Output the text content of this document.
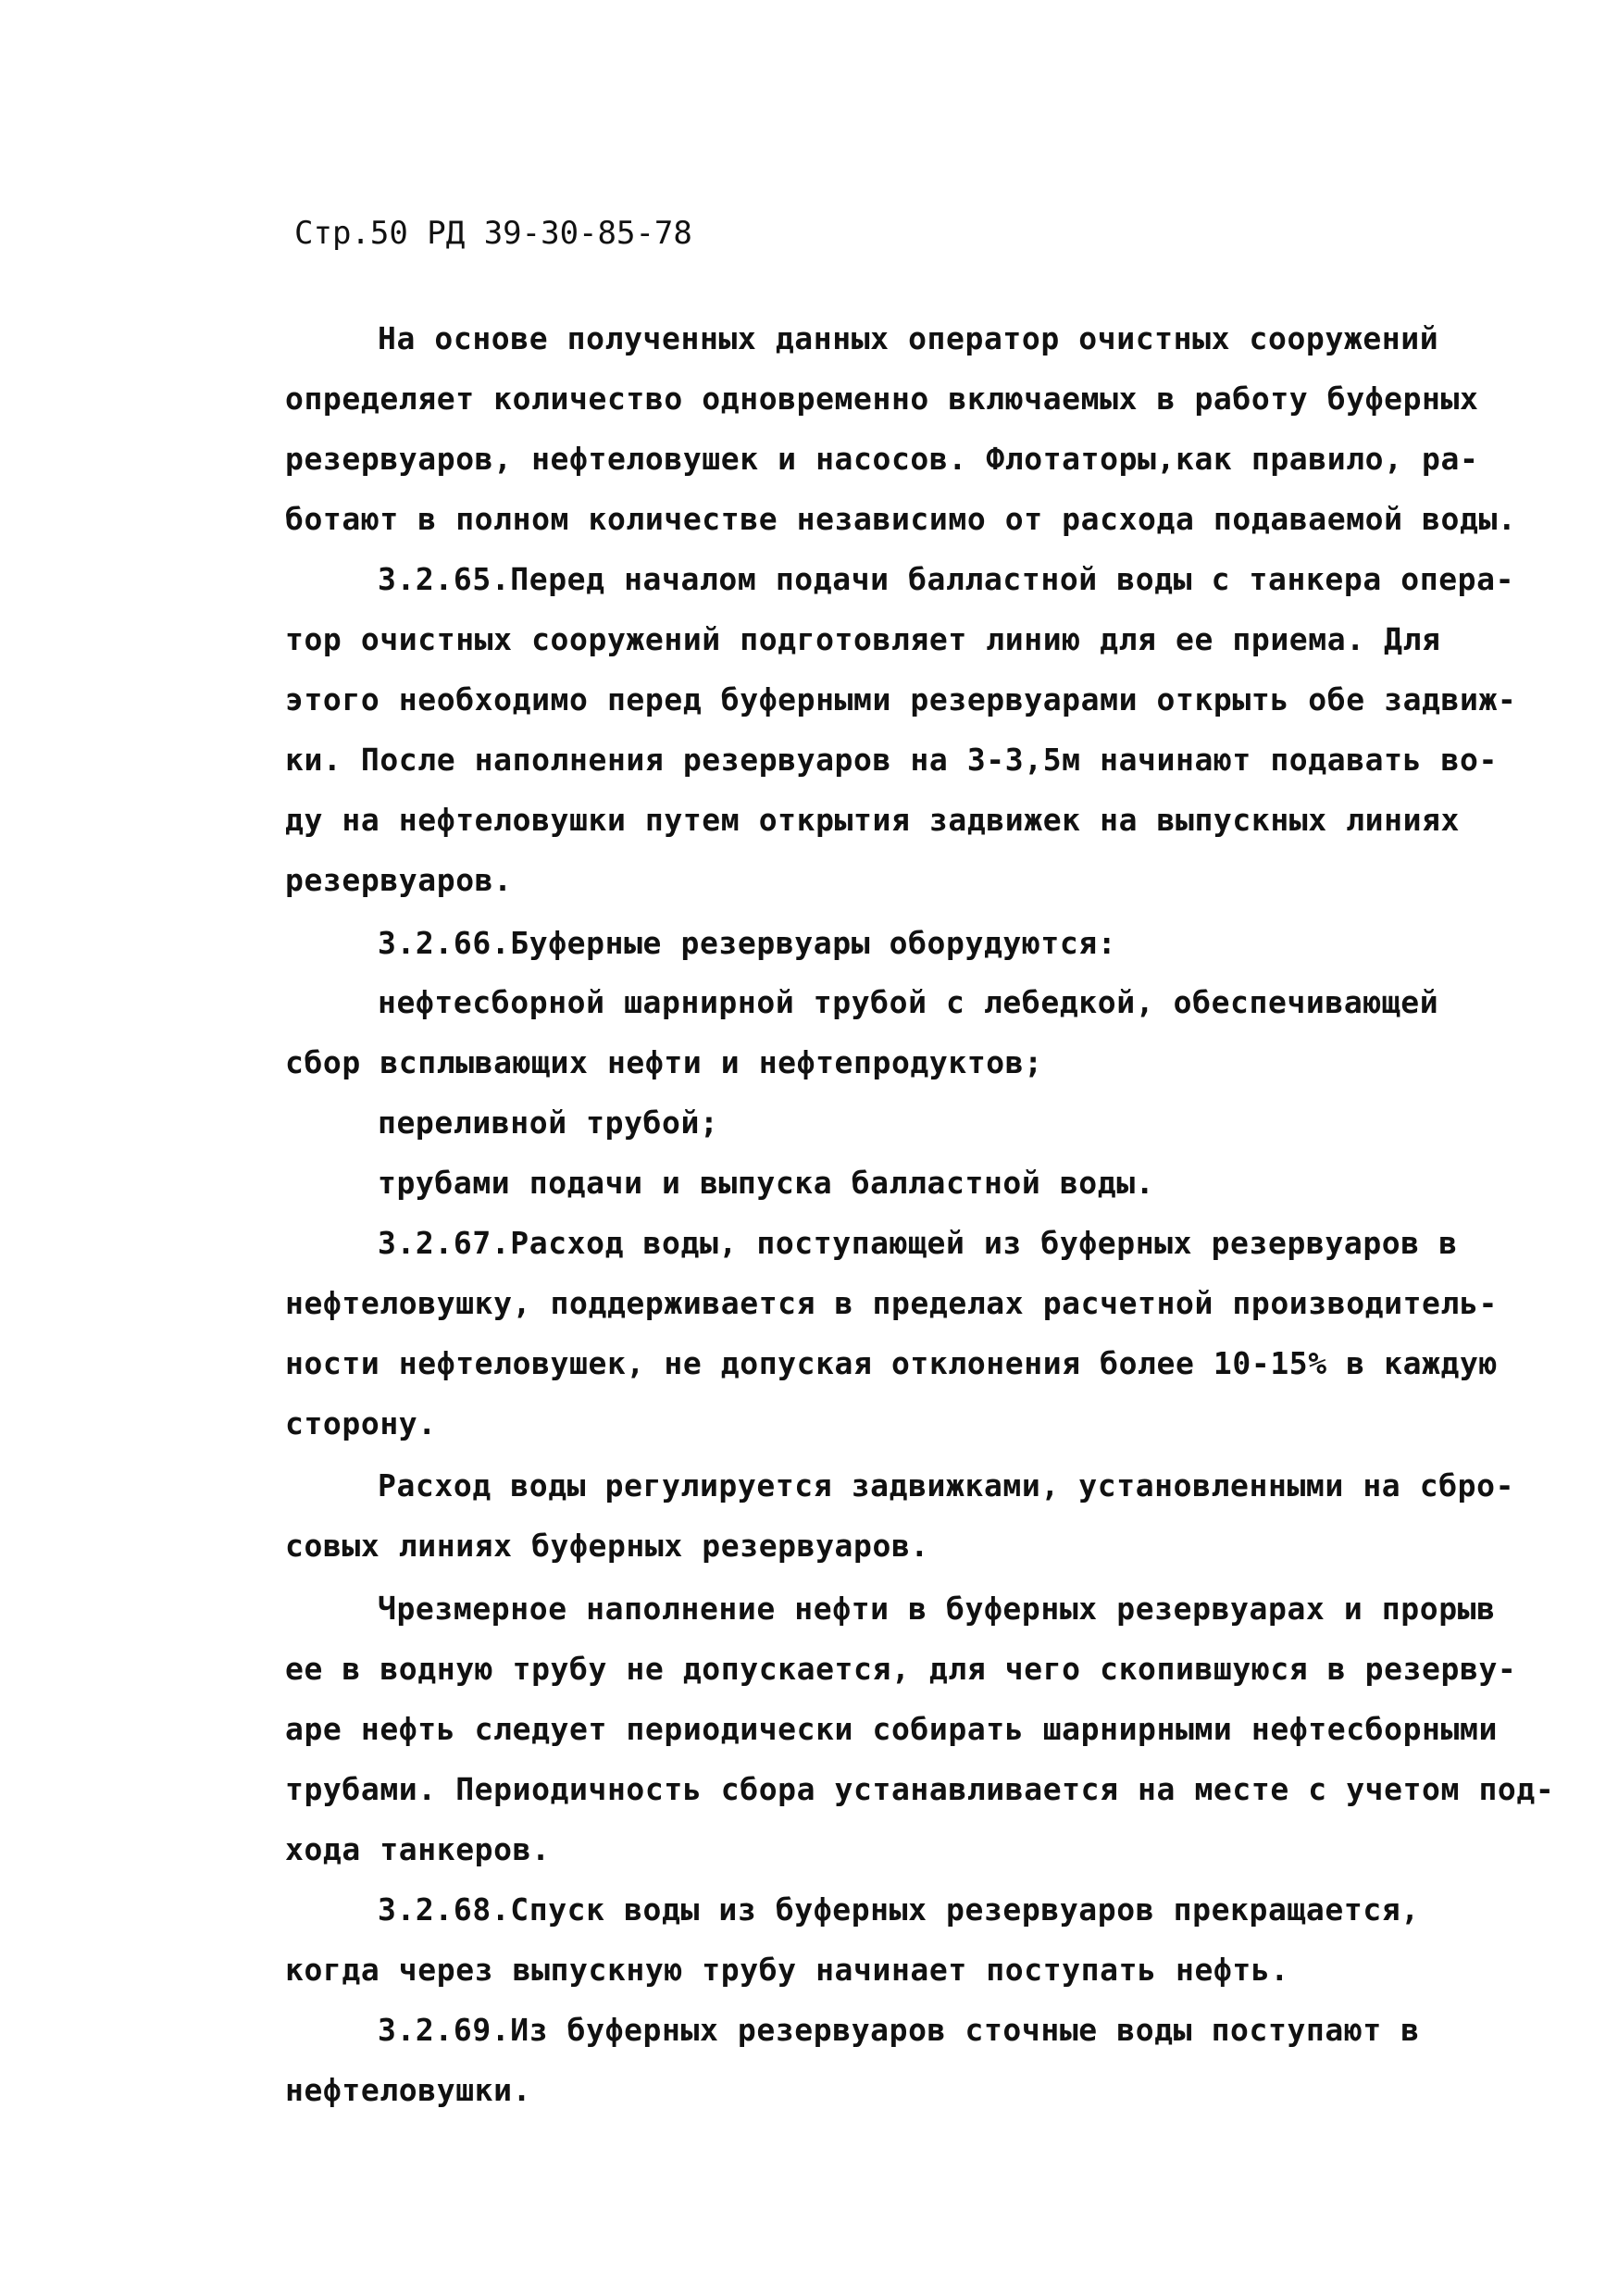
Стр.50 РД 39-30-85-78
На основе полученных данных оператор очистных сооружений
определяет количество одновременно включаемых в работу буферных
резервуаров, нефтеловушек и насосов. Флотаторы,как правило, ра-
ботают в полном количестве независимо от расхода подаваемой воды.
3.2.65.Перед началом подачи балластной воды с танкера опера-
тор очистных сооружений подготовляет линию для ее приема. Для
этого необходимо перед буферными резервуарами открыть обе задвиж-
ки. После наполнения резервуаров на 3-3,5м начинают подавать во-
ду на нефтеловушки путем открытия задвижек на выпускных линиях
резервуаров.
3.2.66.Буферные резервуары оборудуются:
нефтесборной шарнирной трубой с лебедкой, обеспечивающей
сбор всплывающих нефти и нефтепродуктов;
переливной трубой;
трубами подачи и выпуска балластной воды.
3.2.67.Расход воды, поступающей из буферных резервуаров в
нефтеловушку, поддерживается в пределах расчетной производитель-
ности нефтеловушек, не допуская отклонения более 10-15% в каждую
сторону.
Расход воды регулируется задвижками, установленными на сбро-
совых линиях буферных резервуаров.
Чрезмерное наполнение нефти в буферных резервуарах и прорыв
ее в водную трубу не допускается, для чего скопившуюся в резерву-
аре нефть следует периодически собирать шарнирными нефтесборными
трубами. Периодичность сбора устанавливается на месте с учетом под-
хода танкеров.
3.2.68.Спуск воды из буферных резервуаров прекращается,
когда через выпускную трубу начинает поступать нефть.
3.2.69.Из буферных резервуаров сточные воды поступают в
нефтеловушки.
